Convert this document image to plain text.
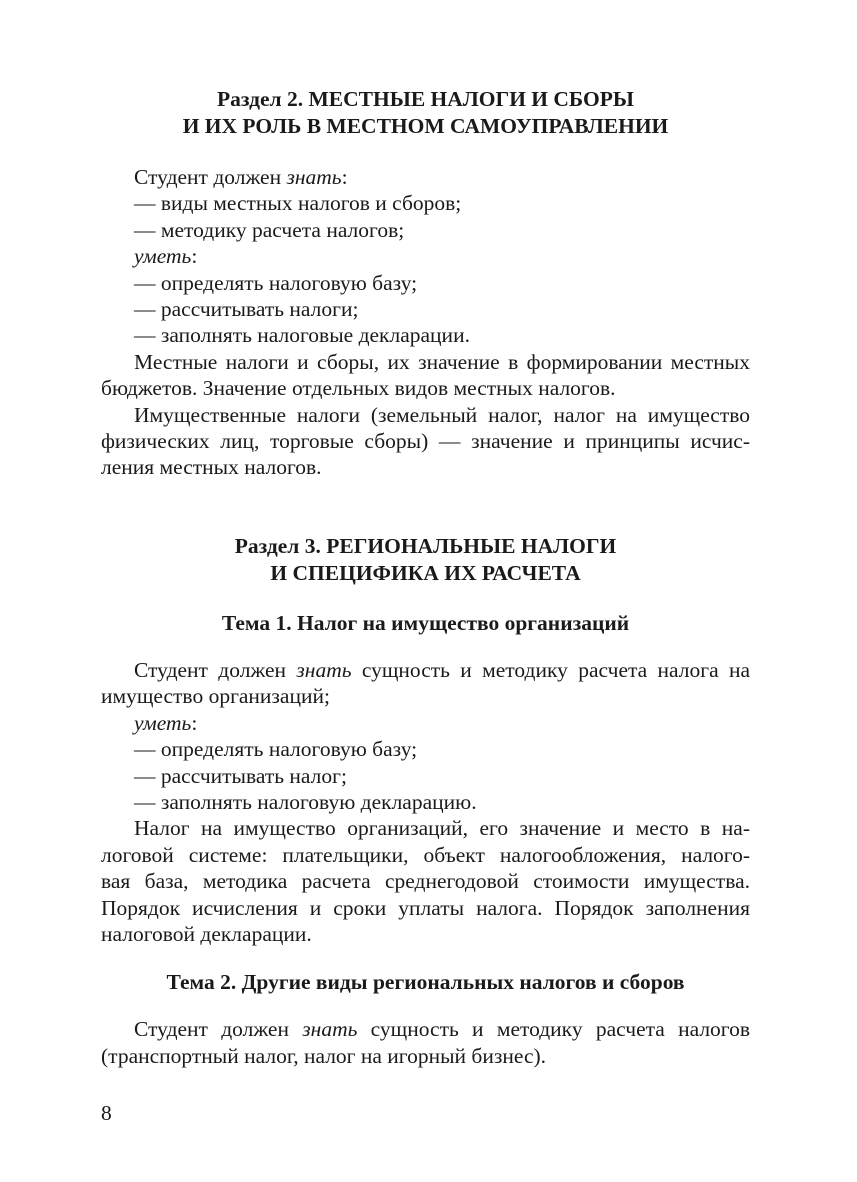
Раздел 2. МЕСТНЫЕ НАЛОГИ И СБОРЫ
И ИХ РОЛЬ В МЕСТНОМ САМОУПРАВЛЕНИИ
Студент должен знать:
— виды местных налогов и сборов;
— методику расчета налогов;
уметь:
— определять налоговую базу;
— рассчитывать налоги;
— заполнять налоговые декларации.
Местные налоги и сборы, их значение в формировании местных
бюджетов. Значение отдельных видов местных налогов.
Имущественные налоги (земельный налог, налог на имущество
физических лиц, торговые сборы) — значение и принципы исчис-
ления местных налогов.
Раздел 3. РЕГИОНАЛЬНЫЕ НАЛОГИ
И СПЕЦИФИКА ИХ РАСЧЕТА
Тема 1. Налог на имущество организаций
Студент должен знать сущность и методику расчета налога на
имущество организаций;
уметь:
— определять налоговую базу;
— рассчитывать налог;
— заполнять налоговую декларацию.
Налог на имущество организаций, его значение и место в на-
логовой системе: плательщики, объект налогообложения, налого-
вая база, методика расчета среднегодовой стоимости имущества.
Порядок исчисления и сроки уплаты налога. Порядок заполнения
налоговой декларации.
Тема 2. Другие виды региональных налогов и сборов
Студент должен знать сущность и методику расчета налогов
(транспортный налог, налог на игорный бизнес).
8
